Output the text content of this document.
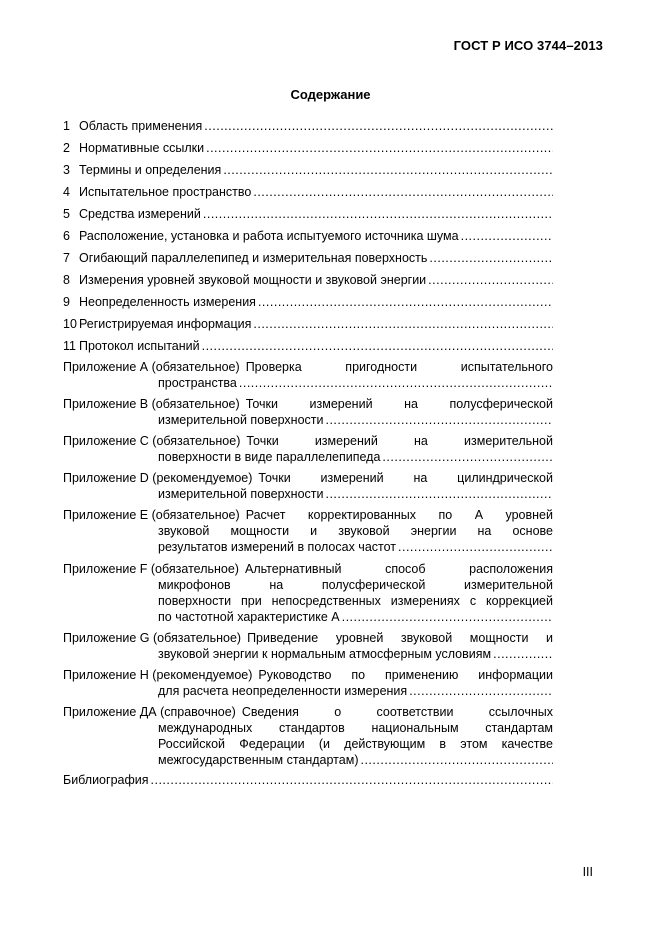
ГОСТ Р ИСО 3744–2013
Содержание
1 Область применения
.....
2 Нормативные ссылки
.....
3 Термины и определения
.....
4 Испытательное пространство
.....
5 Средства измерений
.....
6 Расположение, установка и работа испытуемого источника шума
.....
7 Огибающий параллелепипед и измерительная поверхность
.....
8 Измерения уровней звуковой мощности и звуковой энергии
.....
9 Неопределенность измерения
.....
10 Регистрируемая информация
.....
11 Протокол испытаний
.....
Приложение А (обязательное) Проверка пригодности испытательного
пространства
.....
Приложение В (обязательное) Точки измерений на полусферической
измерительной поверхности
.....
Приложение С (обязательное) Точки измерений на измерительной
поверхности в виде параллелепипеда
.....
Приложение D (рекомендуемое) Точки измерений на цилиндрической
измерительной поверхности
.....
Приложение Е (обязательное) Расчет корректированных по А уровней
звуковой мощности и звуковой энергии на основе
результатов измерений в полосах частот
.....
Приложение F (обязательное) Альтернативный способ расположения
микрофонов на полусферической измерительной
поверхности при непосредственных измерениях с коррекцией
по частотной характеристике А
.....
Приложение G (обязательное) Приведение уровней звуковой мощности и
звуковой энергии к нормальным атмосферным условиям
.....
Приложение Н (рекомендуемое) Руководство по применению информации
для расчета неопределенности измерения
.....
Приложение ДА (справочное) Сведения о соответствии ссылочных
международных стандартов национальным стандартам
Российской Федерации (и действующим в этом качестве
межгосударственным стандартам)
.....
Библиография
.....
III
